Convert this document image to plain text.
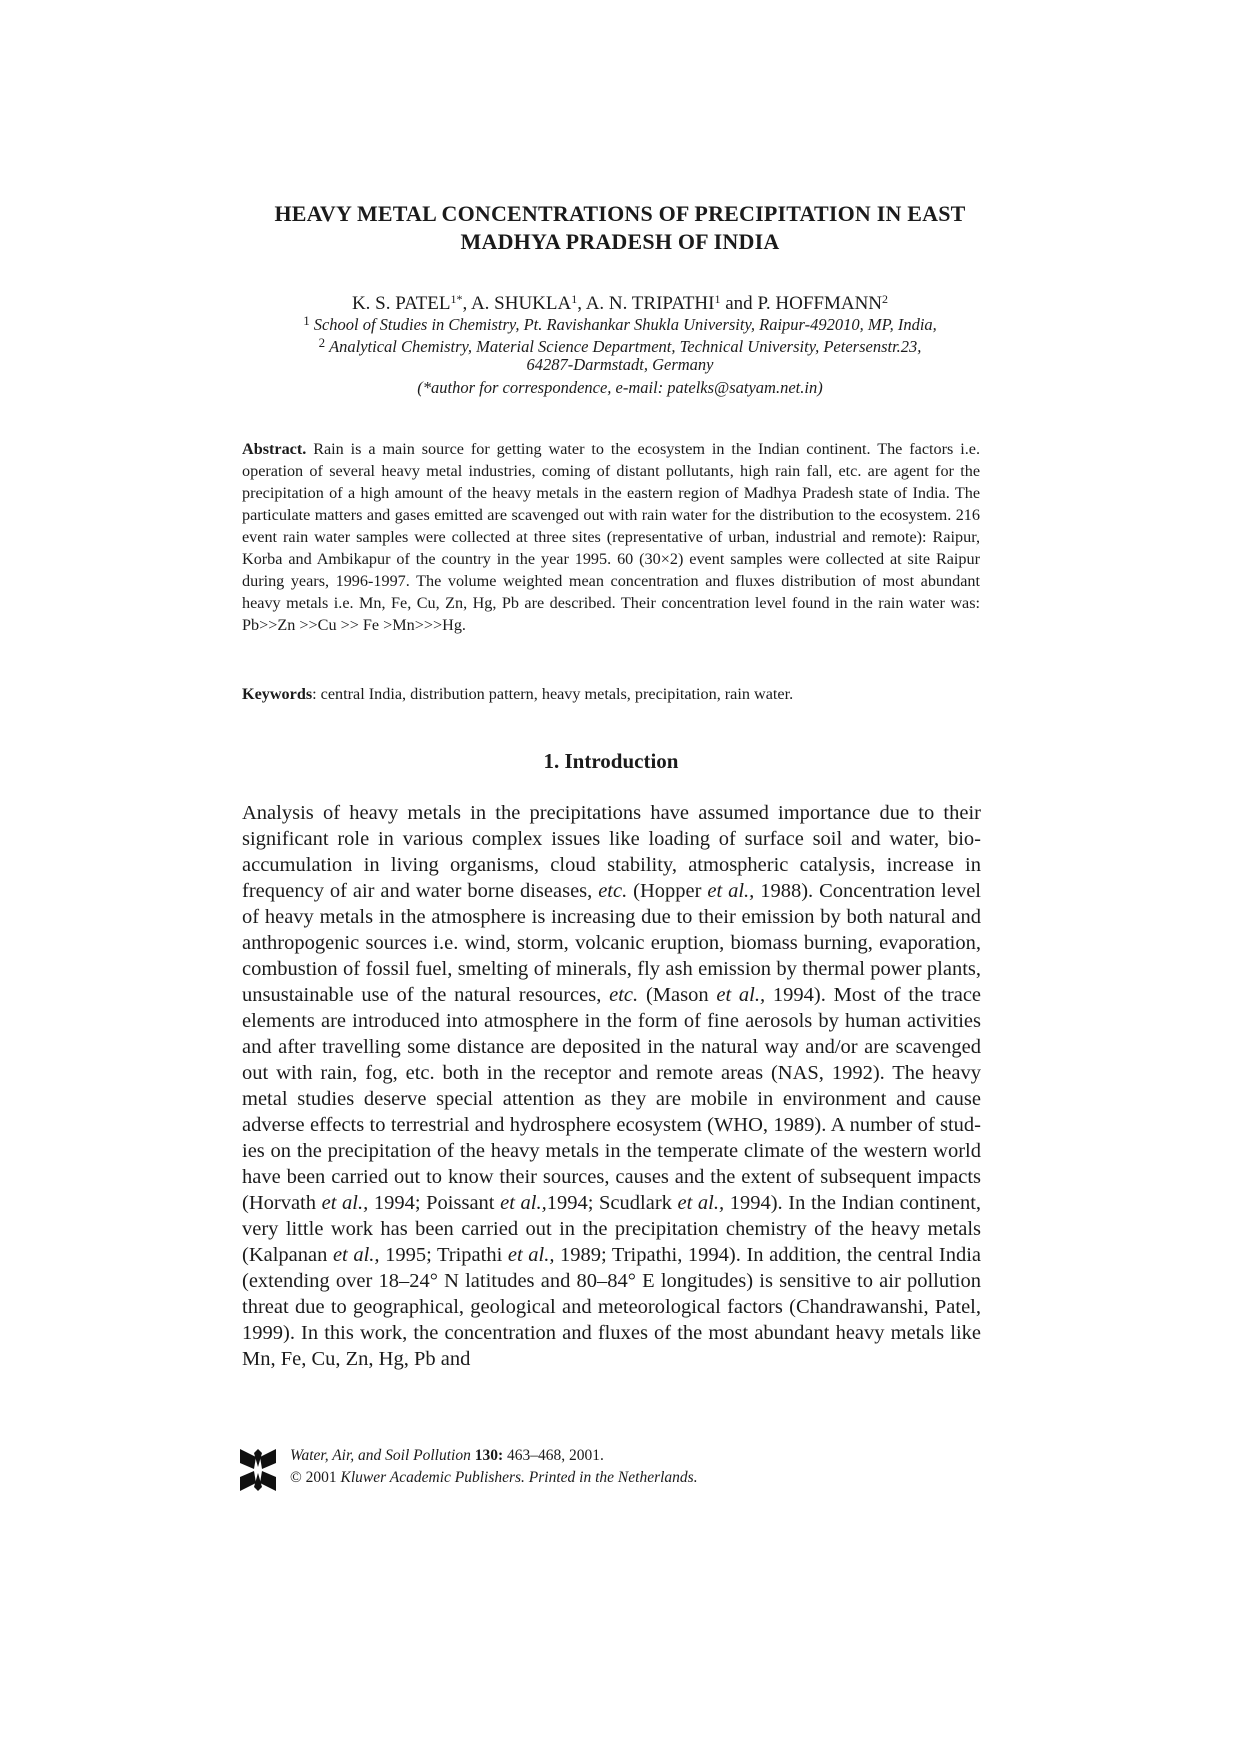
HEAVY METAL CONCENTRATIONS OF PRECIPITATION IN EAST
MADHYA PRADESH OF INDIA
K. S. $PATEL^{1*}$, A. SHUKLA$^1$, A. N. TRIPATHI$^1$ and P. HOFFMANN$^2$
$^1$ School of Studies in Chemistry, Pt. Ravishankar Shukla University, Raipur-492010, MP, India,
$^2$ Analytical Chemistry, Material Science Department, Technical University, Petersenstr.23,
64287-Darmstadt, Germany
(*author for correspondence, e-mail: patelks@satyam.net.in)
Abstract. Rain is a main source for getting water to the ecosystem in the Indian continent. The factors i.e. operation of several heavy metal industries, coming of distant pollutants, high rain fall, etc. are agent for the precipitation of a high amount of the heavy metals in the eastern region of Madhya Pradesh state of India. The particulate matters and gases emitted are scavenged out with rain water for the distribution to the ecosystem. 216 event rain water samples were collected at three sites (representative of urban, industrial and remote): Raipur, Korba and Ambikapur of the country in the year 1995. 60 (30×2) event samples were collected at site Raipur during years, 1996-1997. The volume weighted mean concentration and fluxes distribution of most abundant heavy metals i.e. Mn, Fe, Cu, Zn, Hg, Pb are described. Their concentration level found in the rain water was: Pb>>Zn >>Cu >> Fe >Mn>>>Hg.
Keywords: central India, distribution pattern, heavy metals, precipitation, rain water.
1. Introduction
Analysis of heavy metals in the precipitations have assumed importance due to their significant role in various complex issues like loading of surface soil and water, bio-accumulation in living organisms, cloud stability, atmospheric catalysis, increase in frequency of air and water borne diseases, etc. (Hopper et al., 1988). Concentration level of heavy metals in the atmosphere is increasing due to their emission by both natural and anthropogenic sources i.e. wind, storm, volcanic eruption, biomass burning, evaporation, combustion of fossil fuel, smelting of minerals, fly ash emission by thermal power plants, unsustainable use of the natural resources, etc. (Mason et al., 1994). Most of the trace elements are introduced into atmosphere in the form of fine aerosols by human activities and after travelling some distance are deposited in the natural way and/or are scavenged out with rain, fog, etc. both in the receptor and remote areas (NAS, 1992). The heavy metal studies deserve special attention as they are mobile in environment and cause adverse effects to terrestrial and hydrosphere ecosystem (WHO, 1989). A number of studies on the precipitation of the heavy metals in the temperate climate of the western world have been carried out to know their sources, causes and the extent of subsequent impacts (Horvath et al., 1994; Poissant et al.,1994; Scudlark et al., 1994). In the Indian continent, very little work has been carried out in the precipitation chemistry of the heavy metals (Kalpanan et al., 1995; Tripathi et al., 1989; Tripathi, 1994). In addition, the central India (extending over 18–24° N latitudes and 80–84° E longitudes) is sensitive to air pollution threat due to geographical, geological and meteorological factors (Chandrawanshi, Patel, 1999). In this work, the concentration and fluxes of the most abundant heavy metals like Mn, Fe, Cu, Zn, Hg, Pb and
Water, Air, and Soil Pollution 130: 463–468, 2001.
© 2001 Kluwer Academic Publishers. Printed in the Netherlands.
